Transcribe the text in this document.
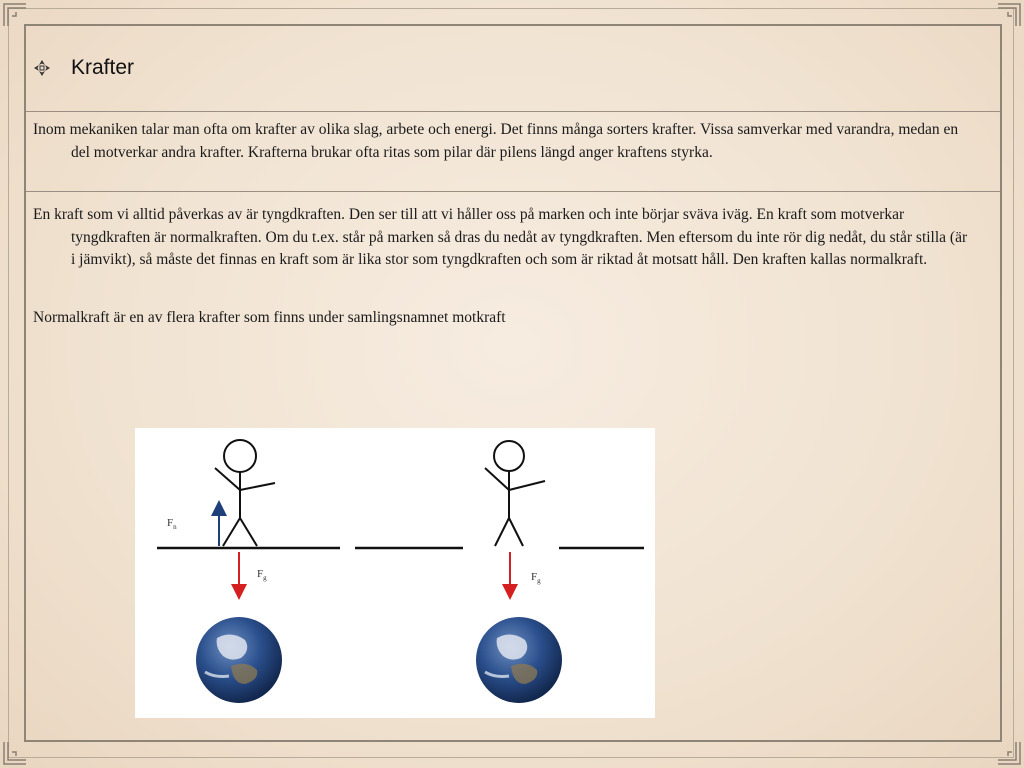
Krafter
Inom mekaniken talar man ofta om krafter av olika slag, arbete och energi. Det finns många sorters krafter. Vissa samverkar med varandra, medan en del motverkar andra krafter. Krafterna brukar ofta ritas som pilar där pilens längd anger kraftens styrka.
En kraft som vi alltid påverkas av är tyngdkraften. Den ser till att vi håller oss på marken och inte börjar sväva iväg. En kraft som motverkar tyngdkraften är normalkraften. Om du t.ex. står på marken så dras du nedåt av tyngdkraften. Men eftersom du inte rör dig nedåt, du står stilla (är i jämvikt), så måste det finnas en kraft som är lika stor som tyngdkraften och som är riktad åt motsatt håll. Den kraften kallas normalkraft.
Normalkraft är en av flera krafter som finns under samlingsnamnet motkraft
$F_n$
$F_g$	$F_g$
